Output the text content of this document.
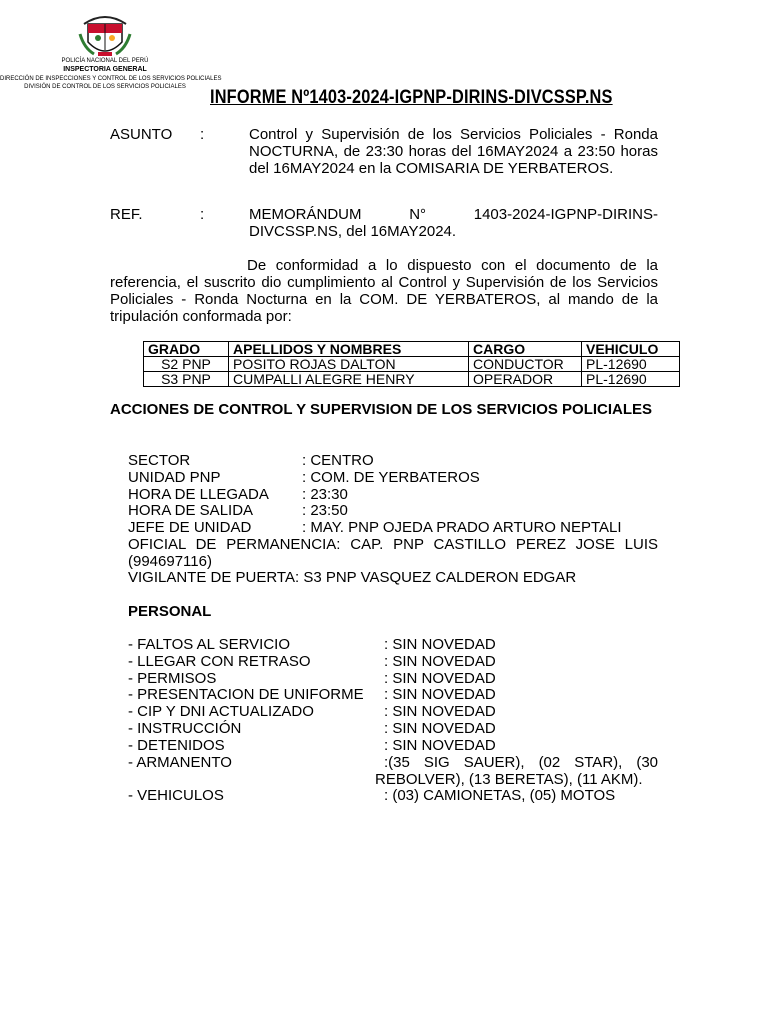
POLICÍA NACIONAL DEL PERÚ
INSPECTORIA GENERAL
DIRECCIÓN DE INSPECCIONES Y CONTROL DE LOS SERVICIOS POLICIALES
DIVISIÓN DE CONTROL DE LOS SERVICIOS POLICIALES	INFORME Nº1403-2024-IGPNP-DIRINS-DIVCSSP.NS
ASUNTO :	Control y Supervisión de los Servicios Policiales - Ronda NOCTURNA, de 23:30 horas del 16MAY2024 a 23:50 horas del 16MAY2024 en la COMISARIA DE YERBATEROS.
REF.	:	MEMORÁNDUM N° 1403-2024-IGPNP-DIRINS-DIVCSSP.NS, del 16MAY2024.
De conformidad a lo dispuesto con el documento de la referencia, el suscrito dio cumplimiento al Control y Supervisión de los Servicios Policiales - Ronda Nocturna en la COM. DE YERBATEROS, al mando de la tripulación conformada por:
GRADO	APELLIDOS Y NOMBRES	CARGO	VEHICULO
S2 PNP	POSITO ROJAS DALTON	CONDUCTOR	PL-12690
S3 PNP	CUMPALLI ALEGRE HENRY	OPERADOR	PL-12690
ACCIONES DE CONTROL Y SUPERVISION DE LOS SERVICIOS POLICIALES
SECTOR	: CENTRO
UNIDAD PNP	: COM. DE YERBATEROS
HORA DE LLEGADA : 23:30
HORA DE SALIDA	: 23:50
JEFE DE UNIDAD	: MAY. PNP OJEDA PRADO ARTURO NEPTALI
OFICIAL DE PERMANENCIA: CAP. PNP CASTILLO PEREZ JOSE LUIS (994697116)
VIGILANTE DE PUERTA: S3 PNP VASQUEZ CALDERON EDGAR
PERSONAL
- FALTOS AL SERVICIO	: SIN NOVEDAD
- LLEGAR CON RETRASO	: SIN NOVEDAD
- PERMISOS	: SIN NOVEDAD
- PRESENTACION DE UNIFORME : SIN NOVEDAD
- CIP Y DNI ACTUALIZADO	: SIN NOVEDAD
- INSTRUCCIÓN	: SIN NOVEDAD
- DETENIDOS	: SIN NOVEDAD
- ARMANENTO	:(35 SIG SAUER), (02 STAR), (30
REBOLVER), (13 BERETAS), (11 AKM).
- VEHICULOS	: (03) CAMIONETAS, (05) MOTOS
